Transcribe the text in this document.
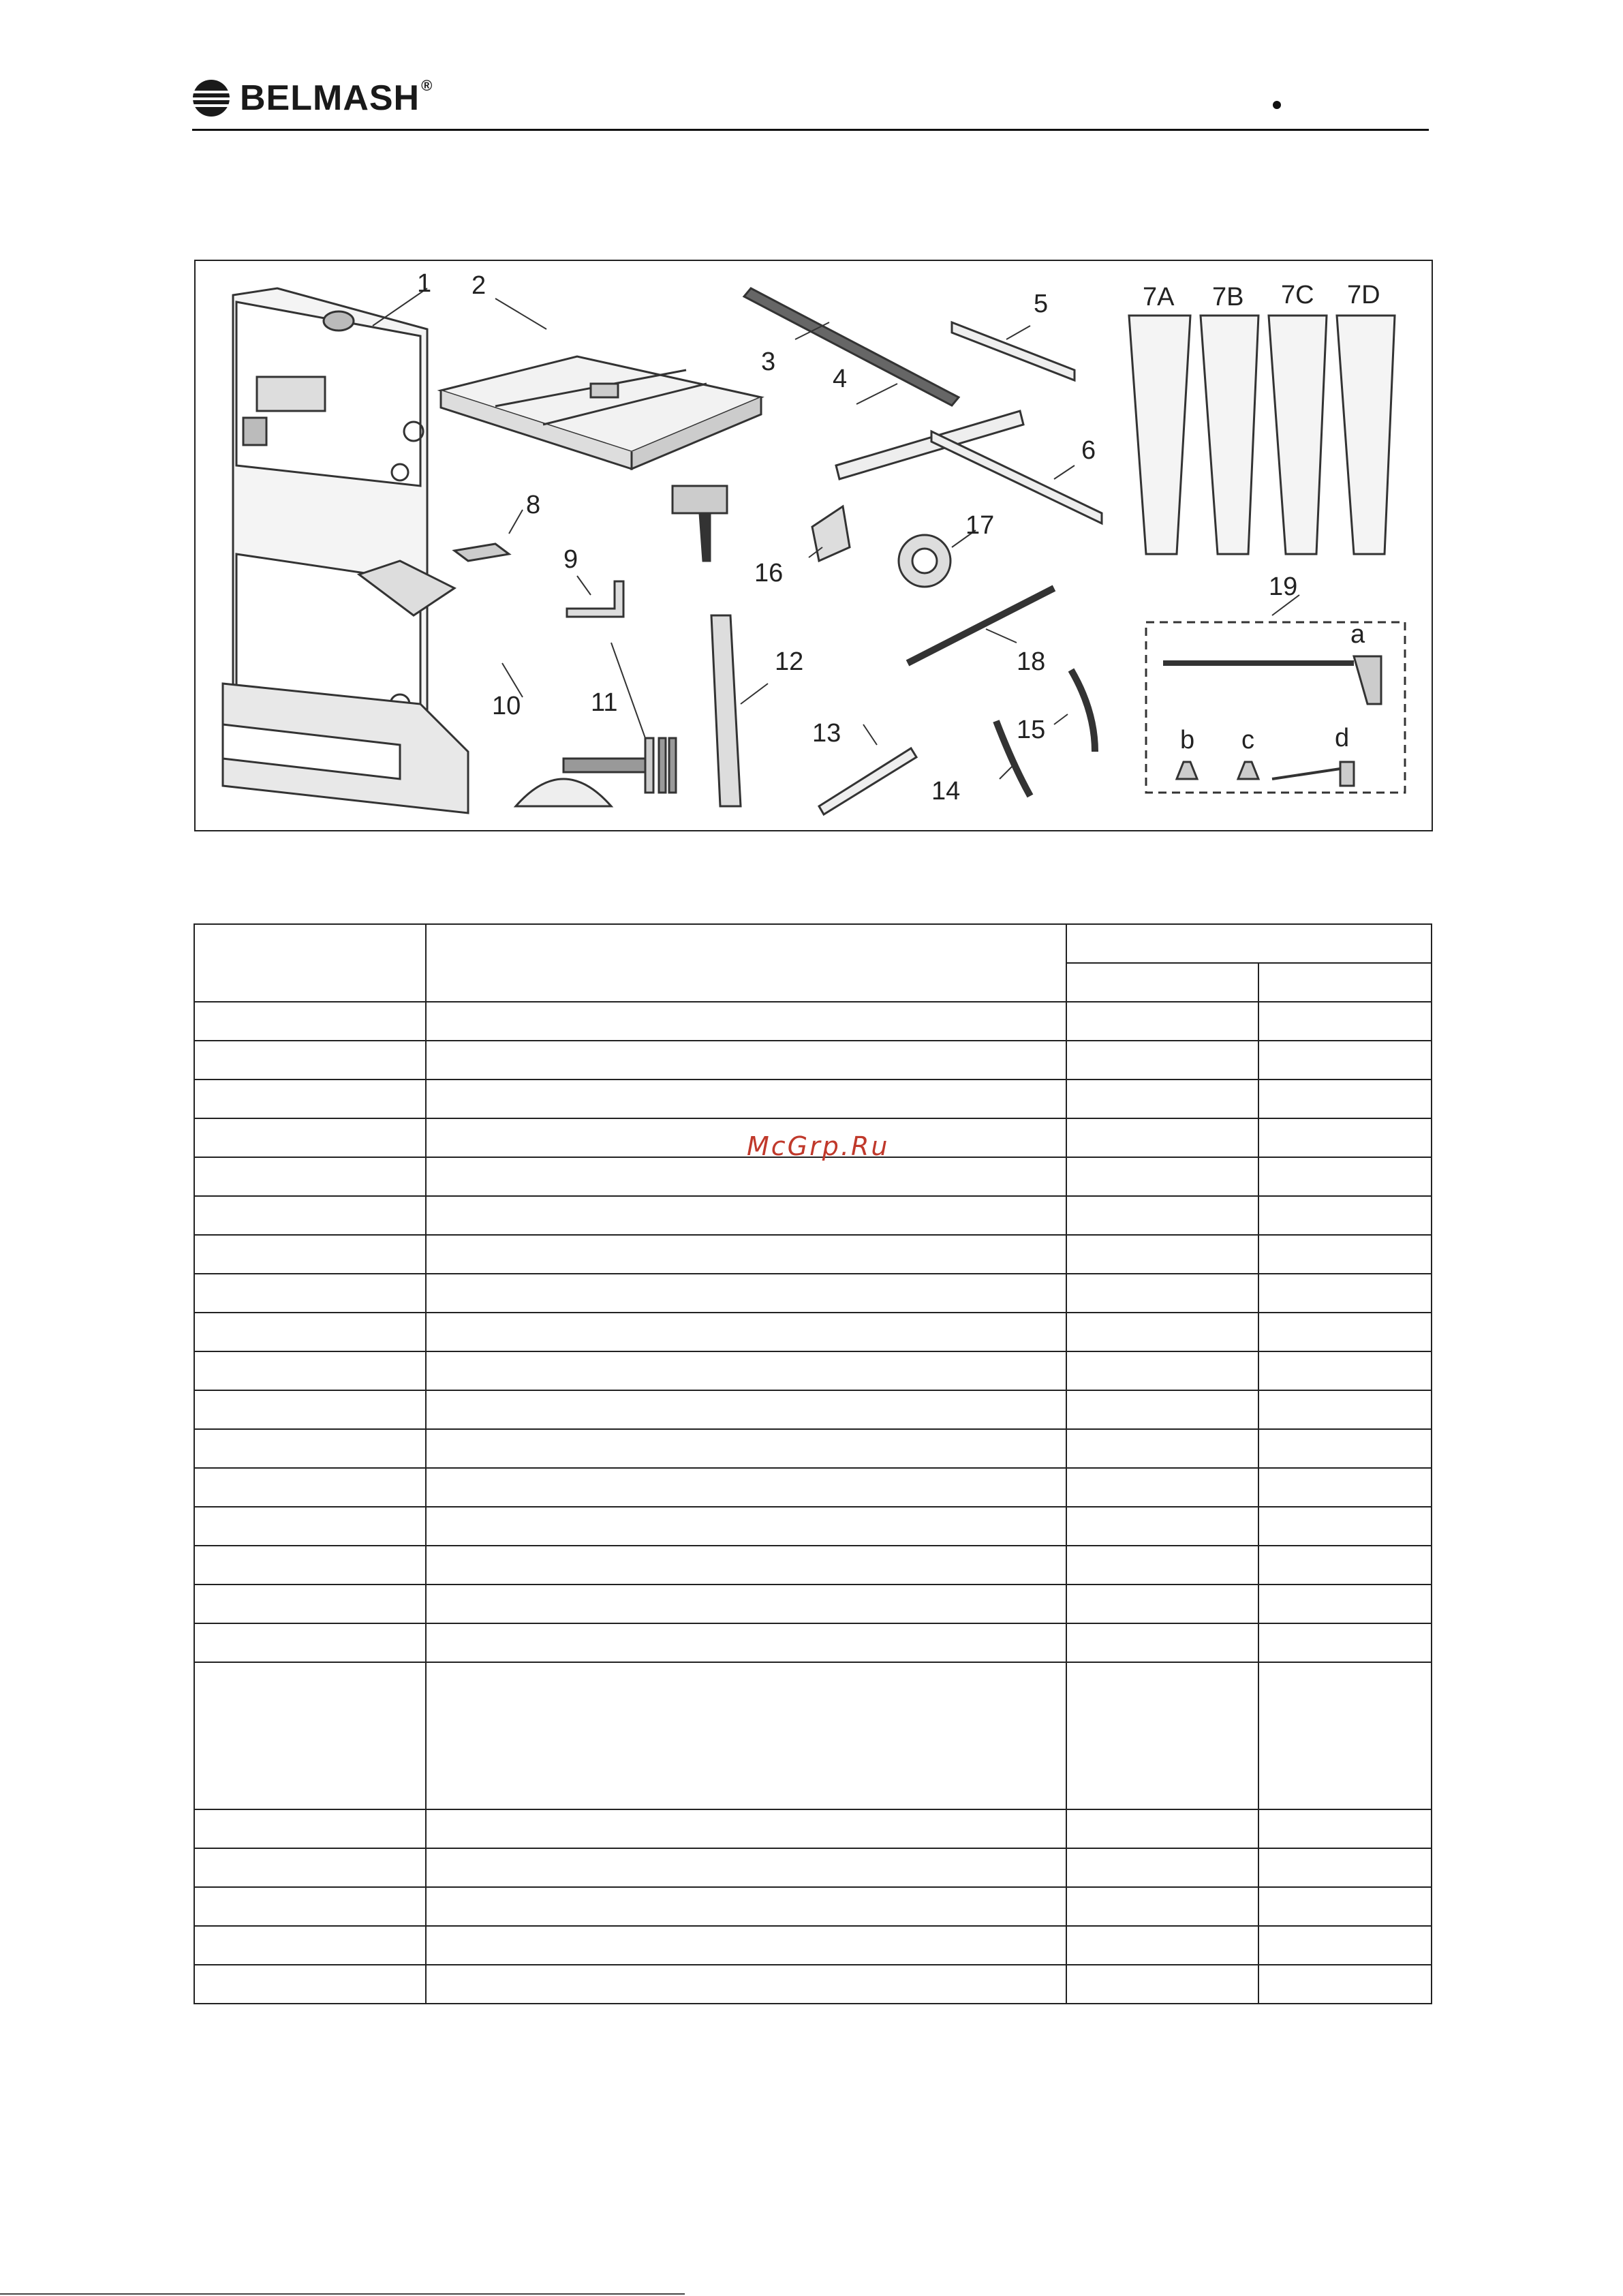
BELMASH ®
1 2
3
4
5
6
7A 7B 7C 7D
8
9
10	11
12
13
14
15
16
17
18
19
a
b c	d

McGrp.Ru
